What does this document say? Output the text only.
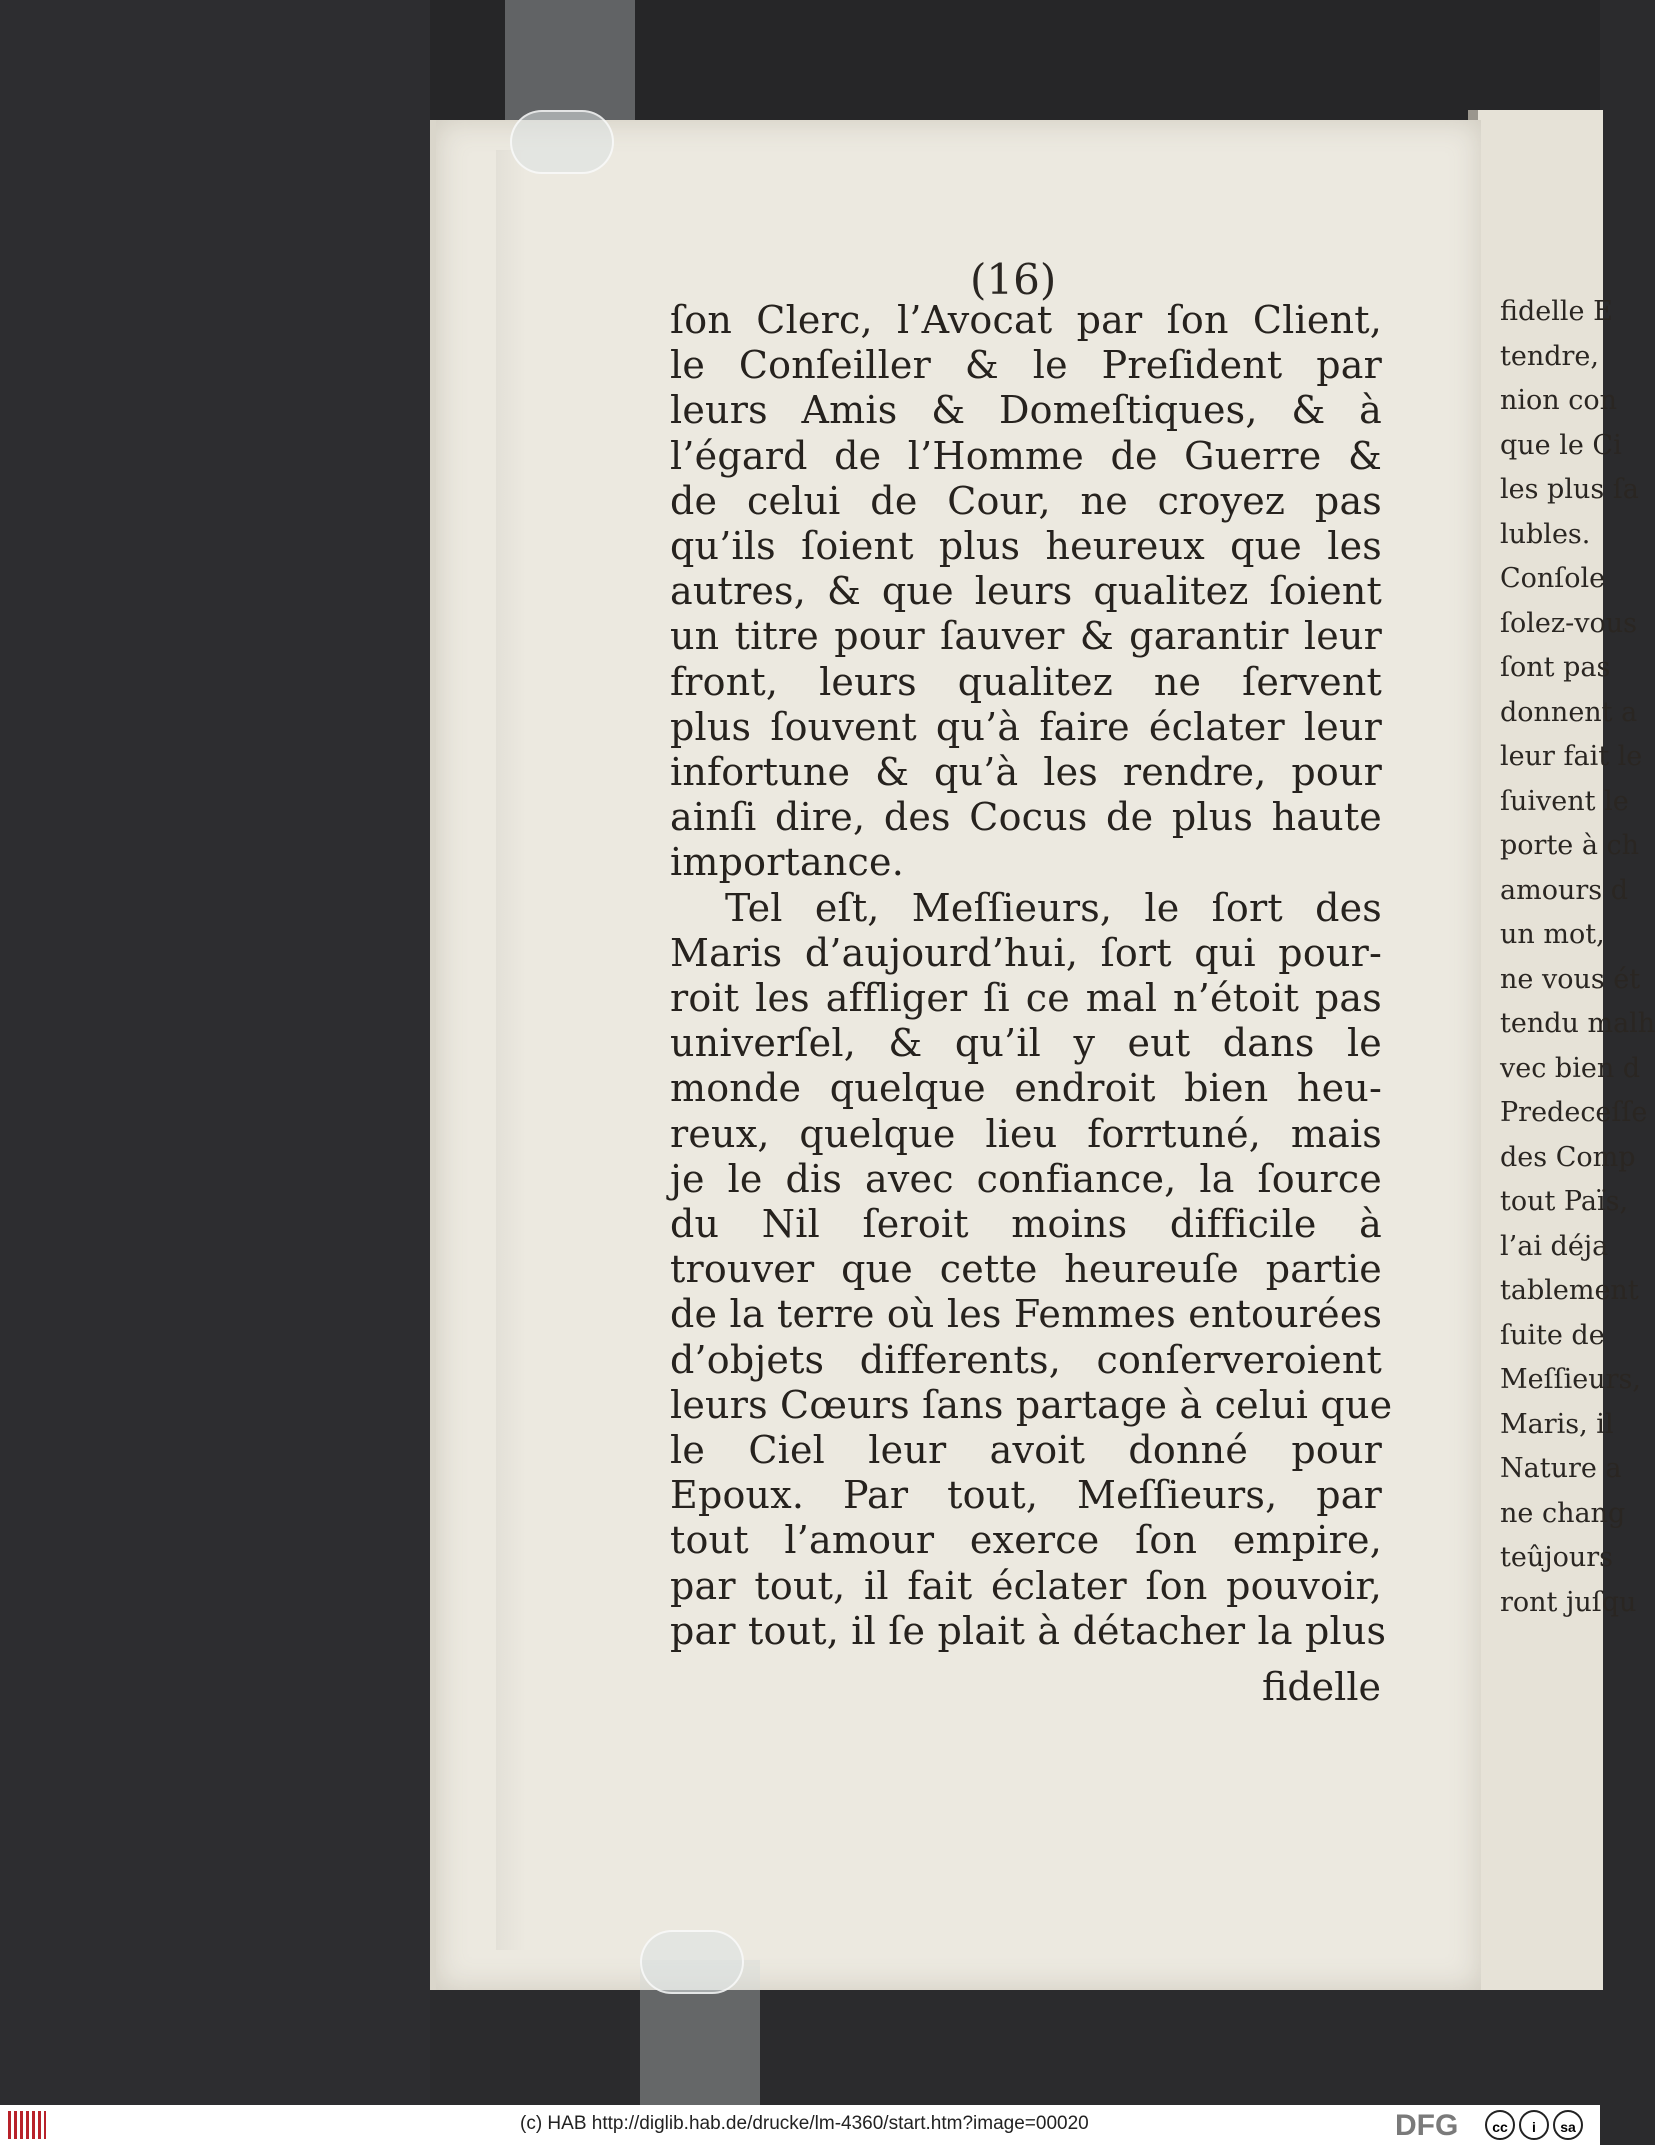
(16)
ſon Clerc, l’Avocat par ſon Client,
le Conſeiller & le Preſident par
leurs Amis & Domeſtiques, & à
l’égard de l’Homme de Guerre &
de celui de Cour, ne croyez pas
qu’ils ſoient plus heureux que les
autres, & que leurs qualitez ſoient
un titre pour ſauver & garantir leur
front, leurs qualitez ne ſervent
plus ſouvent qu’à faire éclater leur
infortune & qu’à les rendre, pour
ainſi dire, des Cocus de plus haute
importance.
Tel eſt, Meſſieurs, le ſort des
Maris d’aujourd’hui, ſort qui pour-
roit les affliger ſi ce mal n’étoit pas
univerſel, & qu’il y eut dans le
monde quelque endroit bien heu-
reux, quelque lieu forrtuné, mais
je le dis avec confiance, la ſource
du Nil ſeroit moins difficile à
trouver que cette heureuſe partie
de la terre où les Femmes entourées
d’objets differents, conſerveroient
leurs Cœurs ſans partage à celui que
le Ciel leur avoit donné pour
Epoux. Par tout, Meſſieurs, par
tout l’amour exerce ſon empire,
par tout, il fait éclater ſon pouvoir,
par tout, il ſe plait à détacher la plus
fidelle
fidelle E
tendre,
nion con
que le Ci
les plus ſa
lubles.
Conſole
ſolez-vous
ſont pas
donnent a
leur fait le
ſuivent le
porte à ch
amours d
un mot,
ne vous ét
tendu malh
vec bien d
Predeceſſe
des Comp
tout Païs,
l’ai déja
tablement
ſuite de
Meſſieurs,
Maris, il
Nature a
ne chang
teûjours
ront juſqu
(c) HAB http://diglib.hab.de/drucke/lm-4360/start.htm?image=00020	DFG	cc	i	sa
